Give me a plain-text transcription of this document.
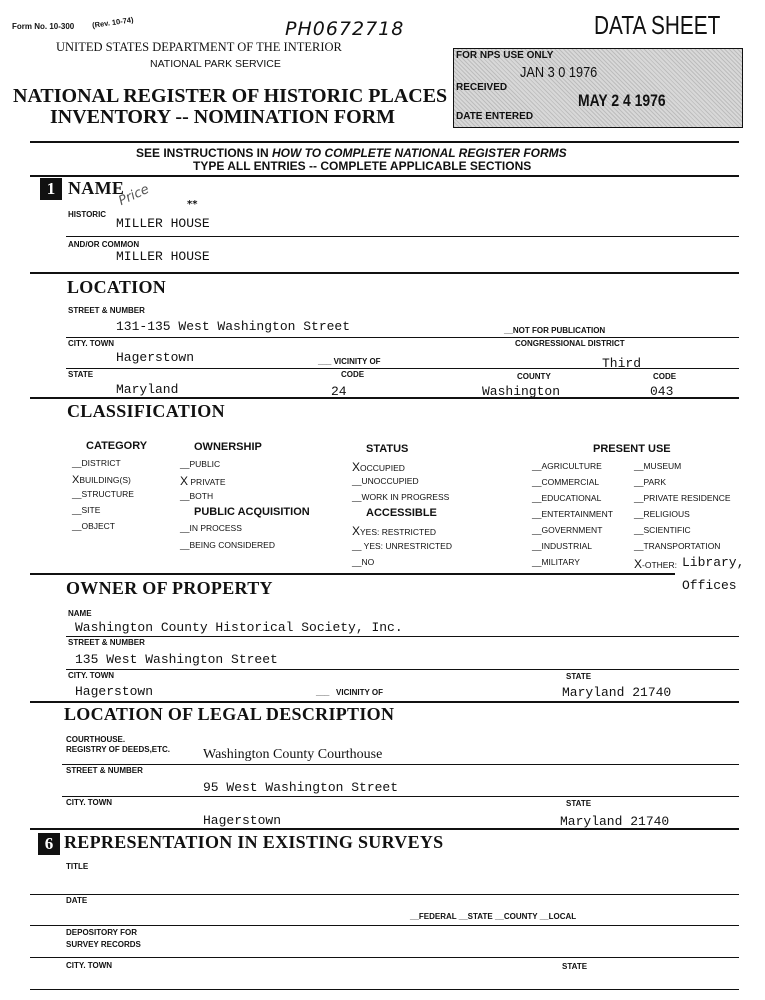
Form No. 10-300 (Rev. 10-74)	PH0672718	DATA SHEET
UNITED STATES DEPARTMENT OF THE INTERIOR
NATIONAL PARK SERVICE
NATIONAL REGISTER OF HISTORIC PLACES
INVENTORY -- NOMINATION FORM
FOR NPS USE ONLY
JAN 3 0 1976
RECEIVED
MAY 2 4 1976
DATE ENTERED
SEE INSTRUCTIONS IN HOW TO COMPLETE NATIONAL REGISTER FORMS
TYPE ALL ENTRIES -- COMPLETE APPLICABLE SECTIONS
1 NAME
Price	**
HISTORIC
MILLER HOUSE
AND/OR COMMON
MILLER HOUSE
LOCATION
STREET & NUMBER
131-135 West Washington Street	__NOT FOR PUBLICATION
CITY. TOWN	CONGRESSIONAL DISTRICT
Hagerstown	___ VICINITY OF	Third
STATE	CODE	COUNTY	CODE
Maryland	24	Washington	043
CLASSIFICATION
CATEGORY
__DISTRICT
XBUILDING(S)
__STRUCTURE
__SITE
__OBJECT
OWNERSHIP
__PUBLIC
X PRIVATE
__BOTH
PUBLIC ACQUISITION
__IN PROCESS
__BEING CONSIDERED
STATUS
XOCCUPIED
__UNOCCUPIED
__WORK IN PROGRESS
ACCESSIBLE
XYES: RESTRICTED
__ YES: UNRESTRICTED
__NO
PRESENT USE
__AGRICULTURE
__COMMERCIAL
__EDUCATIONAL
__ENTERTAINMENT
__GOVERNMENT
__INDUSTRIAL
__MILITARY
__MUSEUM
__PARK
__PRIVATE RESIDENCE
__RELIGIOUS
__SCIENTIFIC
__TRANSPORTATION
X-OTHER: Library,
Offices
OWNER OF PROPERTY
NAME
Washington County Historical Society, Inc.
STREET & NUMBER
135 West Washington Street
CITY. TOWN	STATE
Hagerstown	___   VICINITY OF	Maryland 21740
LOCATION OF LEGAL DESCRIPTION
COURTHOUSE.
REGISTRY OF DEEDS,ETC. Washington County Courthouse
STREET & NUMBER
95 West Washington Street
CITY. TOWN	STATE
Hagerstown	Maryland 21740
6 REPRESENTATION IN EXISTING SURVEYS
TITLE
DATE
__FEDERAL __STATE __COUNTY __LOCAL
DEPOSITORY FOR
SURVEY RECORDS
CITY. TOWN	STATE
